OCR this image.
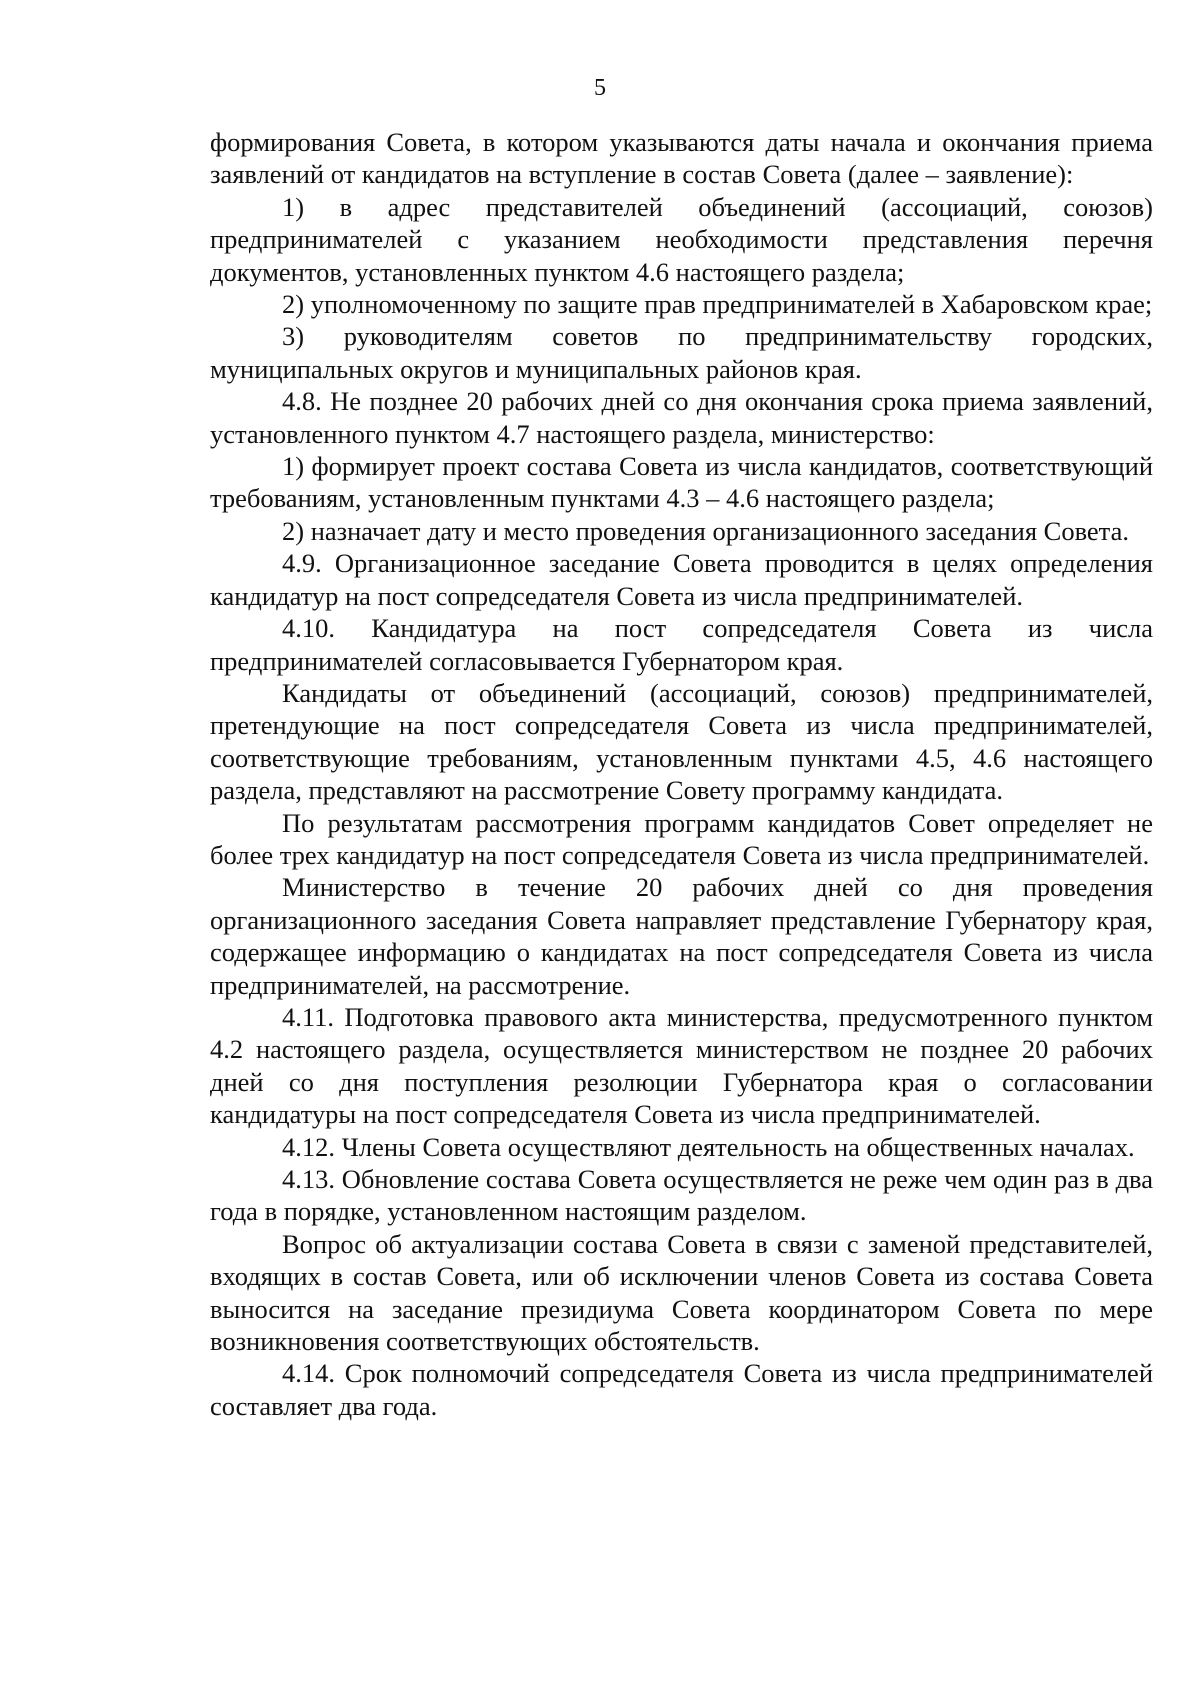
5

формирования Совета, в котором указываются даты начала и окончания приема заявлений от кандидатов на вступление в состав Совета (далее – заявление):

1) в адрес представителей объединений (ассоциаций, союзов) предпринимателей с указанием необходимости представления перечня документов, установленных пунктом 4.6 настоящего раздела;

2) уполномоченному по защите прав предпринимателей в Хабаровском крае;

3) руководителям советов по предпринимательству городских, муниципальных округов и муниципальных районов края.

4.8. Не позднее 20 рабочих дней со дня окончания срока приема заявлений, установленного пунктом 4.7 настоящего раздела, министерство:

1) формирует проект состава Совета из числа кандидатов, соответствующий требованиям, установленным пунктами 4.3 – 4.6 настоящего раздела;

2) назначает дату и место проведения организационного заседания Совета.

4.9. Организационное заседание Совета проводится в целях определения кандидатур на пост сопредседателя Совета из числа предпринимателей.

4.10. Кандидатура на пост сопредседателя Совета из числа предпринимателей согласовывается Губернатором края.

Кандидаты от объединений (ассоциаций, союзов) предпринимателей, претендующие на пост сопредседателя Совета из числа предпринимателей, соответствующие требованиям, установленным пунктами 4.5, 4.6 настоящего раздела, представляют на рассмотрение Совету программу кандидата.

По результатам рассмотрения программ кандидатов Совет определяет не более трех кандидатур на пост сопредседателя Совета из числа предпринимателей.

Министерство в течение 20 рабочих дней со дня проведения организационного заседания Совета направляет представление Губернатору края, содержащее информацию о кандидатах на пост сопредседателя Совета из числа предпринимателей, на рассмотрение.

4.11. Подготовка правового акта министерства, предусмотренного пунктом 4.2 настоящего раздела, осуществляется министерством не позднее 20 рабочих дней со дня поступления резолюции Губернатора края о согласовании кандидатуры на пост сопредседателя Совета из числа предпринимателей.

4.12. Члены Совета осуществляют деятельность на общественных началах.

4.13. Обновление состава Совета осуществляется не реже чем один раз в два года в порядке, установленном настоящим разделом.

Вопрос об актуализации состава Совета в связи с заменой представителей, входящих в состав Совета, или об исключении членов Совета из состава Совета выносится на заседание президиума Совета координатором Совета по мере возникновения соответствующих обстоятельств.

4.14. Срок полномочий сопредседателя Совета из числа предпринимателей составляет два года.
